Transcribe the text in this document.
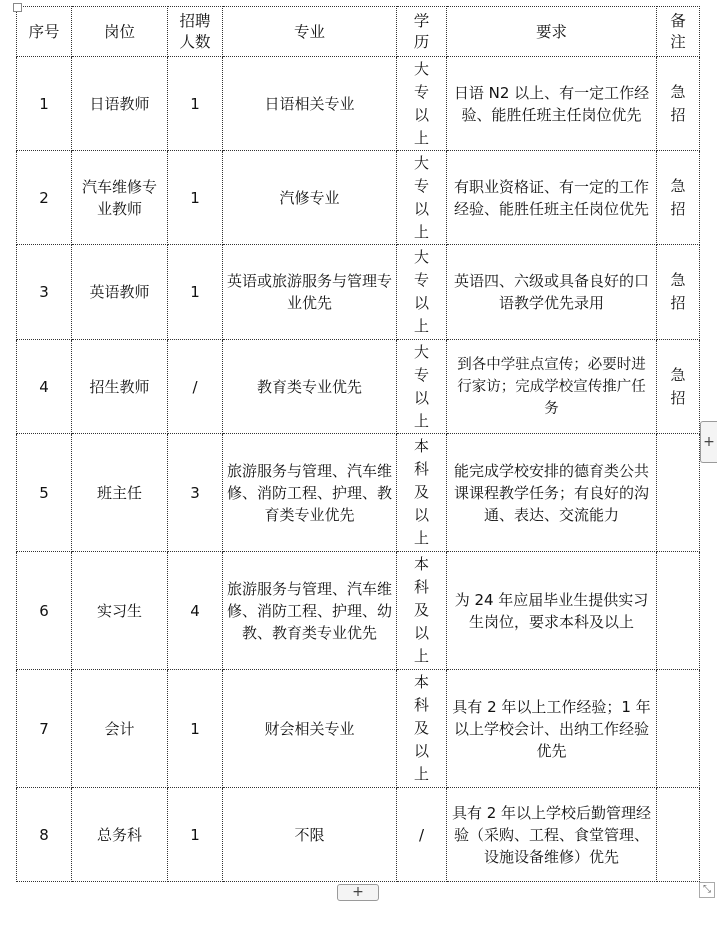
序号	岗位	招聘人数	专业	学历	要求	备注

1	日语教师	1	日语相关专业	大专以上	日语 N2 以上、有一定工作经验、能胜任班主任岗位优先	急招

2	汽车维修专业教师	1	汽修专业	大专以上	有职业资格证、有一定的工作经验、能胜任班主任岗位优先	急招

3	英语教师	1	英语或旅游服务与管理专业优先	大专以上	英语四、六级或具备良好的口语教学优先录用	急招

4	招生教师	/	教育类专业优先	大专以上	到各中学驻点宣传；必要时进行家访；完成学校宣传推广任务	急招

5	班主任	3	旅游服务与管理、汽车维修、消防工程、护理、教育类专业优先	本科及以上	能完成学校安排的德育类公共课课程教学任务；有良好的沟通、表达、交流能力	

6	实习生	4	旅游服务与管理、汽车维修、消防工程、护理、幼教、教育类专业优先	本科及以上	为 24 年应届毕业生提供实习生岗位，要求本科及以上	

7	会计	1	财会相关专业	本科及以上	具有 2 年以上工作经验；1 年以上学校会计、出纳工作经验优先	

8	总务科	1	不限	/	具有 2 年以上学校后勤管理经验（采购、工程、食堂管理、设施设备维修）优先	

+
+	⤡
